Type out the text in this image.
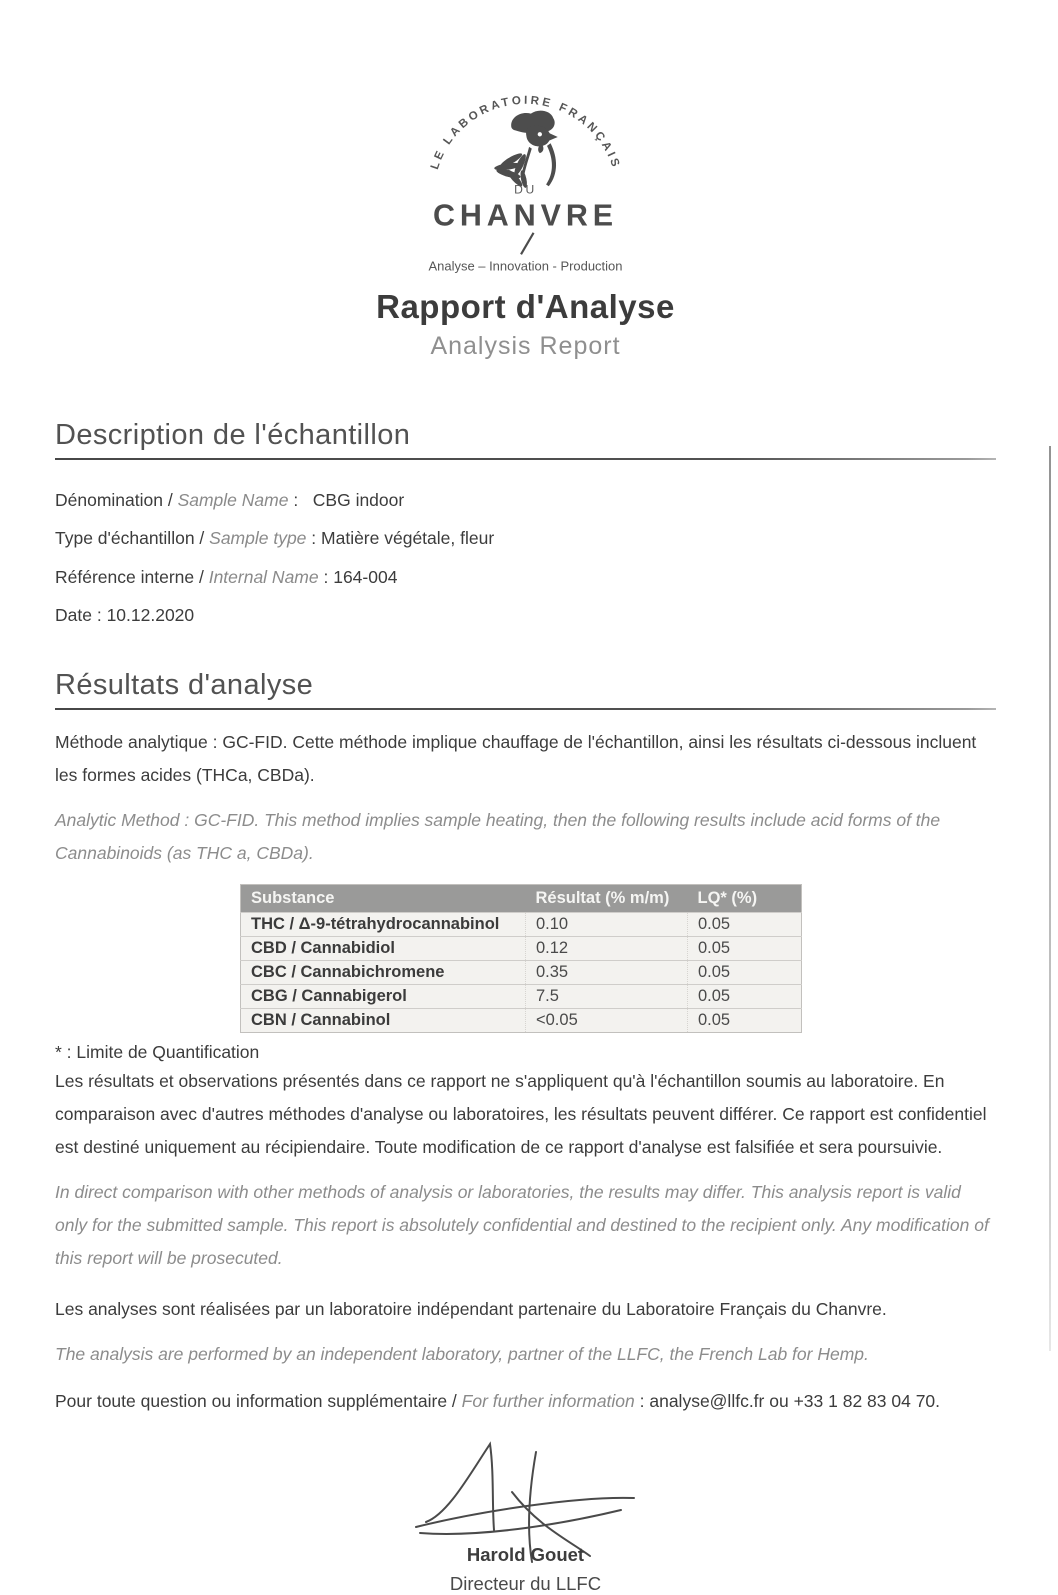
LE LABORATOIRE FRANÇAIS
DU
CHANVRE
Analyse – Innovation - Production
Rapport d'Analyse
Analysis Report
Description de l'échantillon
Dénomination / Sample Name :   CBG indoor
Type d'échantillon / Sample type : Matière végétale, fleur
Référence interne / Internal Name : 164-004
Date : 10.12.2020
Résultats d'analyse

Méthode analytique : GC-FID. Cette méthode implique chauffage de l'échantillon, ainsi les résultats ci-dessous incluent les formes acides (THCa, CBDa).

Analytic Method : GC-FID. This method implies sample heating, then the following results include acid forms of the Cannabinoids (as THC a, CBDa).

Substance	Résultat (% m/m)	LQ* (%)
THC / Δ-9-tétrahydrocannabinol	0.10	0.05
CBD / Cannabidiol	0.12	0.05
CBC / Cannabichromene	0.35	0.05
CBG / Cannabigerol	7.5	0.05
CBN / Cannabinol	<0.05	0.05
* : Limite de Quantification

Les résultats et observations présentés dans ce rapport ne s'appliquent qu'à l'échantillon soumis au laboratoire. En comparaison avec d'autres méthodes d'analyse ou laboratoires, les résultats peuvent différer. Ce rapport est confidentiel est destiné uniquement au récipiendaire. Toute modification de ce rapport d'analyse est falsifiée et sera poursuivie.

In direct comparison with other methods of analysis or laboratories, the results may differ. This analysis report is valid only for the submitted sample. This report is absolutely confidential and destined to the recipient only. Any modification of this report will be prosecuted.

Les analyses sont réalisées par un laboratoire indépendant partenaire du Laboratoire Français du Chanvre.

The analysis are performed by an independent laboratory, partner of the LLFC, the French Lab for Hemp.

Pour toute question ou information supplémentaire / For further information : analyse@llfc.fr ou +33 1 82 83 04 70.

Harold Gouet
Directeur du LLFC
